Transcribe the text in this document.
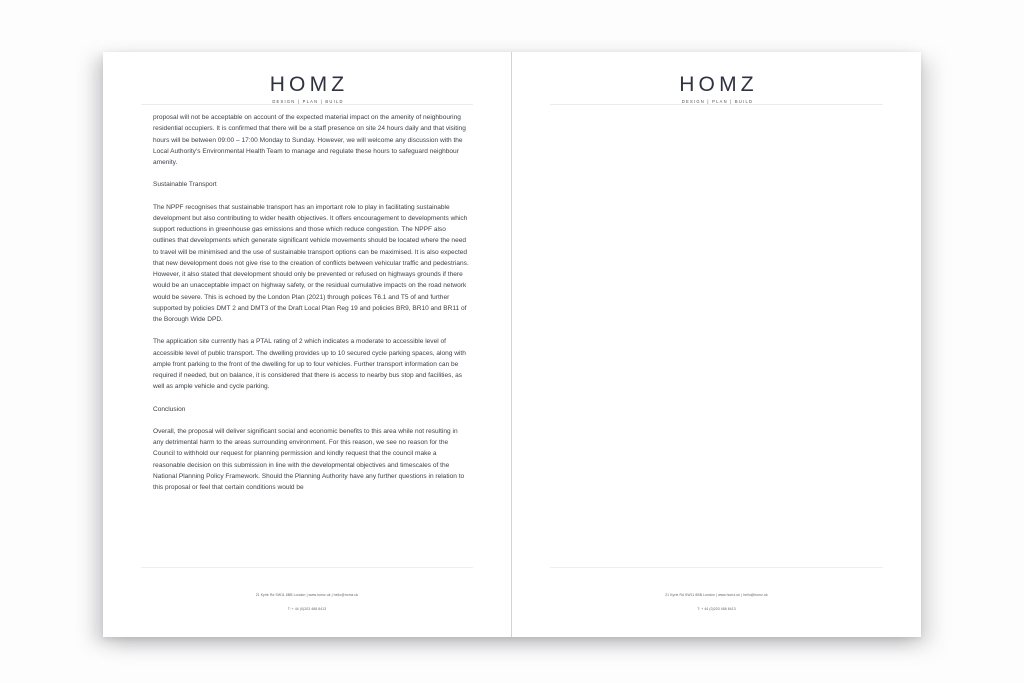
HOMZ
DESIGN | PLAN | BUILD

proposal will not be acceptable on account of the expected material impact on the amenity of neighbouring residential occupiers. It is confirmed that there will be a staff presence on site 24 hours daily and that visiting hours will be between 09:00 – 17:00 Monday to Sunday. However, we will welcome any discussion with the Local Authority’s Environmental Health Team to manage and regulate these hours to safeguard neighbour amenity.

Sustainable Transport

The NPPF recognises that sustainable transport has an important role to play in facilitating sustainable development but also contributing to wider health objectives. It offers encouragement to developments which support reductions in greenhouse gas emissions and those which reduce congestion. The NPPF also outlines that developments which generate significant vehicle movements should be located where the need to travel will be minimised and the use of sustainable transport options can be maximised. It is also expected that new development does not give rise to the creation of conflicts between vehicular traffic and pedestrians. However, it also stated that development should only be prevented or refused on highways grounds if there would be an unacceptable impact on highway safety, or the residual cumulative impacts on the road network would be severe. This is echoed by the London Plan (2021) through polices T6.1 and T5 of and further supported by policies DMT 2 and DMT3 of the Draft Local Plan Reg 19 and policies BR9, BR10 and BR11 of the Borough Wide DPD.

The application site currently has a PTAL rating of 2 which indicates a moderate to accessible level of accessible level of public transport. The dwelling provides up to 10 secured cycle parking spaces, along with ample front parking to the front of the dwelling for up to four vehicles. Further transport information can be required if needed, but on balance, it is considered that there is access to nearby bus stop and facilities, as well as ample vehicle and cycle parking.

Conclusion

Overall, the proposal will deliver significant social and economic benefits to this area while not resulting in any detrimental harm to the areas surrounding environment. For this reason, we see no reason for the Council to withhold our request for planning permission and kindly request that the council make a reasonable decision on this submission in line with the developmental objectives and timescales of the National Planning Policy Framework. Should the Planning Authority have any further questions in relation to this proposal or feel that certain conditions would be

21 Kyrle Rd SW11 6BB London | www.homz.uk | hello@homz.uk
T: + 44 (0)203 488 8413
HOMZ
DESIGN | PLAN | BUILD
21 Kyrle Rd SW11 6BB London | www.homz.uk | hello@homz.uk
T: + 44 (0)203 488 8413
